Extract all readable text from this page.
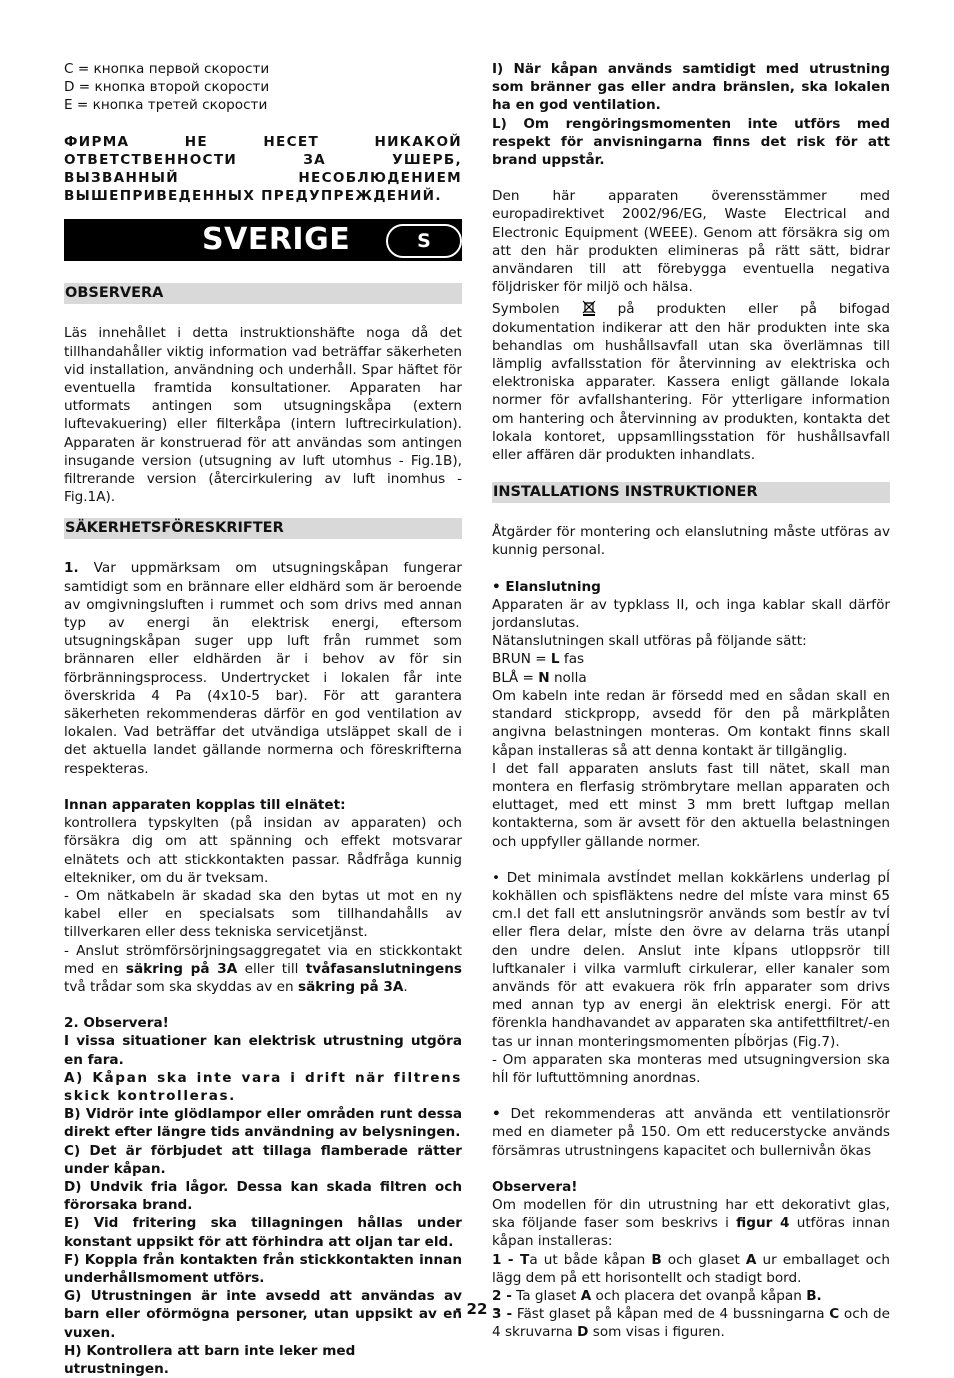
C = кнопка первой скорости

D = кнопка второй скорости

E = кнопка третей скорости

ФИРМА НЕ НЕСЕТ НИКАКОЙ ОТВЕТСТВЕННОСТИ ЗА УШЕРБ, ВЫЗВАННЫЙ НЕСОБЛЮДЕНИЕМ ВЫШЕПРИВЕДЕННЫХ ПРЕДУПРЕЖДЕНИЙ.

SVERIGE	S

OBSERVERA

Läs innehållet i detta instruktionshäfte noga då det tillhandahåller viktig information vad beträffar säkerheten vid installation, användning och underhåll. Spar häftet för eventuella framtida konsultationer. Apparaten har utformats antingen som utsugningskåpa (extern luftevakuering) eller filterkåpa (intern luftrecirkulation). Apparaten är konstruerad för att användas som antingen insugande version (utsugning av luft utomhus - Fig.1B), filtrerande version (återcirkulering av luft inomhus - Fig.1A).

SÄKERHETSFÖRESKRIFTER

1. Var uppmärksam om utsugningskåpan fungerar samtidigt som en brännare eller eldhärd som är beroende av omgivningsluften i rummet och som drivs med annan typ av energi än elektrisk energi, eftersom utsugningskåpan suger upp luft från rummet som brännaren eller eldhärden är i behov av för sin förbränningsprocess. Undertrycket i lokalen får inte överskrida 4 Pa (4x10-5 bar). För att garantera säkerheten rekommenderas därför en god ventilation av lokalen. Vad beträffar det utvändiga utsläppet skall de i det aktuella landet gällande normerna och föreskrifterna respekteras.

Innan apparaten kopplas till elnätet:

kontrollera typskylten (på insidan av apparaten) och försäkra dig om att spänning och effekt motsvarar elnätets och att stickkontakten passar. Rådfråga kunnig eltekniker, om du är tveksam.

- Om nätkabeln är skadad ska den bytas ut mot en ny kabel eller en specialsats som tillhandahålls av tillverkaren eller dess tekniska servicetjänst.

- Anslut strömförsörjningsaggregatet via en stickkontakt med en säkring på 3A eller till tvåfasanslutningens två trådar som ska skyddas av en säkring på 3A.

2. Observera!

I vissa situationer kan elektrisk utrustning utgöra en fara.

A) Kåpan ska inte vara i drift när filtrens skick kontrolleras.

B) Vidrör inte glödlampor eller områden runt dessa direkt efter längre tids användning av belysningen.

C) Det är förbjudet att tillaga flamberade rätter under kåpan.

D) Undvik fria lågor. Dessa kan skada filtren och förorsaka brand.

E) Vid fritering ska tillagningen hållas under konstant uppsikt för att förhindra att oljan tar eld.

F) Koppla från kontakten från stickkontakten innan underhållsmoment utförs.

G) Utrustningen är inte avsedd att användas av barn eller oförmögna personer, utan uppsikt av en vuxen.

H) Kontrollera att barn inte leker med utrustningen.

I) När kåpan används samtidigt med utrustning som bränner gas eller andra bränslen, ska lokalen ha en god ventilation.

L) Om rengöringsmomenten inte utförs med respekt för anvisningarna finns det risk för att brand uppstår.

Den här apparaten överensstämmer med europadirektivet 2002/96/EG, Waste Electrical and Electronic Equipment (WEEE). Genom att försäkra sig om att den här produkten elimineras på rätt sätt, bidrar användaren till att förebygga eventuella negativa följdrisker för miljö och hälsa.

Symbolen	på produkten eller på bifogad dokumentation indikerar att den här produkten inte ska behandlas om hushållsavfall utan ska överlämnas till lämplig avfallsstation för återvinning av elektriska och elektroniska apparater. Kassera enligt gällande lokala normer för avfallshantering. För ytterligare information om hantering och återvinning av produkten, kontakta det lokala kontoret, uppsamllingsstation för hushållsavfall eller affären där produkten inhandlats.

INSTALLATIONS INSTRUKTIONER

Åtgärder för montering och elanslutning måste utföras av kunnig personal.

• Elanslutning

Apparaten är av typklass II, och inga kablar skall därför jordanslutas.

Nätanslutningen skall utföras på följande sätt:

BRUN = L fas

BLÅ = N nolla

Om kabeln inte redan är försedd med en sådan skall en standard stickpropp, avsedd för den på märkplåten angivna belastningen monteras. Om kontakt finns skall kåpan installeras så att denna kontakt är tillgänglig.

I det fall apparaten ansluts fast till nätet, skall man montera en flerfasig strömbrytare mellan apparaten och eluttaget, med ett minst 3 mm brett luftgap mellan kontakterna, som är avsett för den aktuella belastningen och uppfyller gällande normer.

• Det minimala avstÍndet mellan kokkärlens underlag pÍ kokhällen och spisfläktens nedre del mÍste vara minst 65 cm.I det fall ett anslutningsrör används som bestÍr av tvÍ eller flera delar, mÍste den övre av delarna träs utanpÍ den undre delen. Anslut inte kÍpans utloppsrör till luftkanaler i vilka varmluft cirkulerar, eller kanaler som används för att evakuera rök frÍn apparater som drivs med annan typ av energi än elektrisk energi. För att förenkla handhavandet av apparaten ska antifettfiltret/-en tas ur innan monteringsmomenten pÍbörjas (Fig.7).

- Om apparaten ska monteras med utsugningversion ska hÍl för luftuttömning anordnas.

• Det rekommenderas att använda ett ventilationsrör med en diameter på 150. Om ett reducerstycke används försämras utrustningens kapacitet och bullernivån ökas

Observera!

Om modellen för din utrustning har ett dekorativt glas, ska följande faser som beskrivs i figur 4 utföras innan kåpan installeras:

1 - Ta ut både kåpan B och glaset A ur emballaget och lägg dem på ett horisontellt och stadigt bord.

2 - Ta glaset A och placera det ovanpå kåpan B.

3 - Fäst glaset på kåpan med de 4 bussningarna C och de 4 skruvarna D som visas i figuren.

- 22 -
